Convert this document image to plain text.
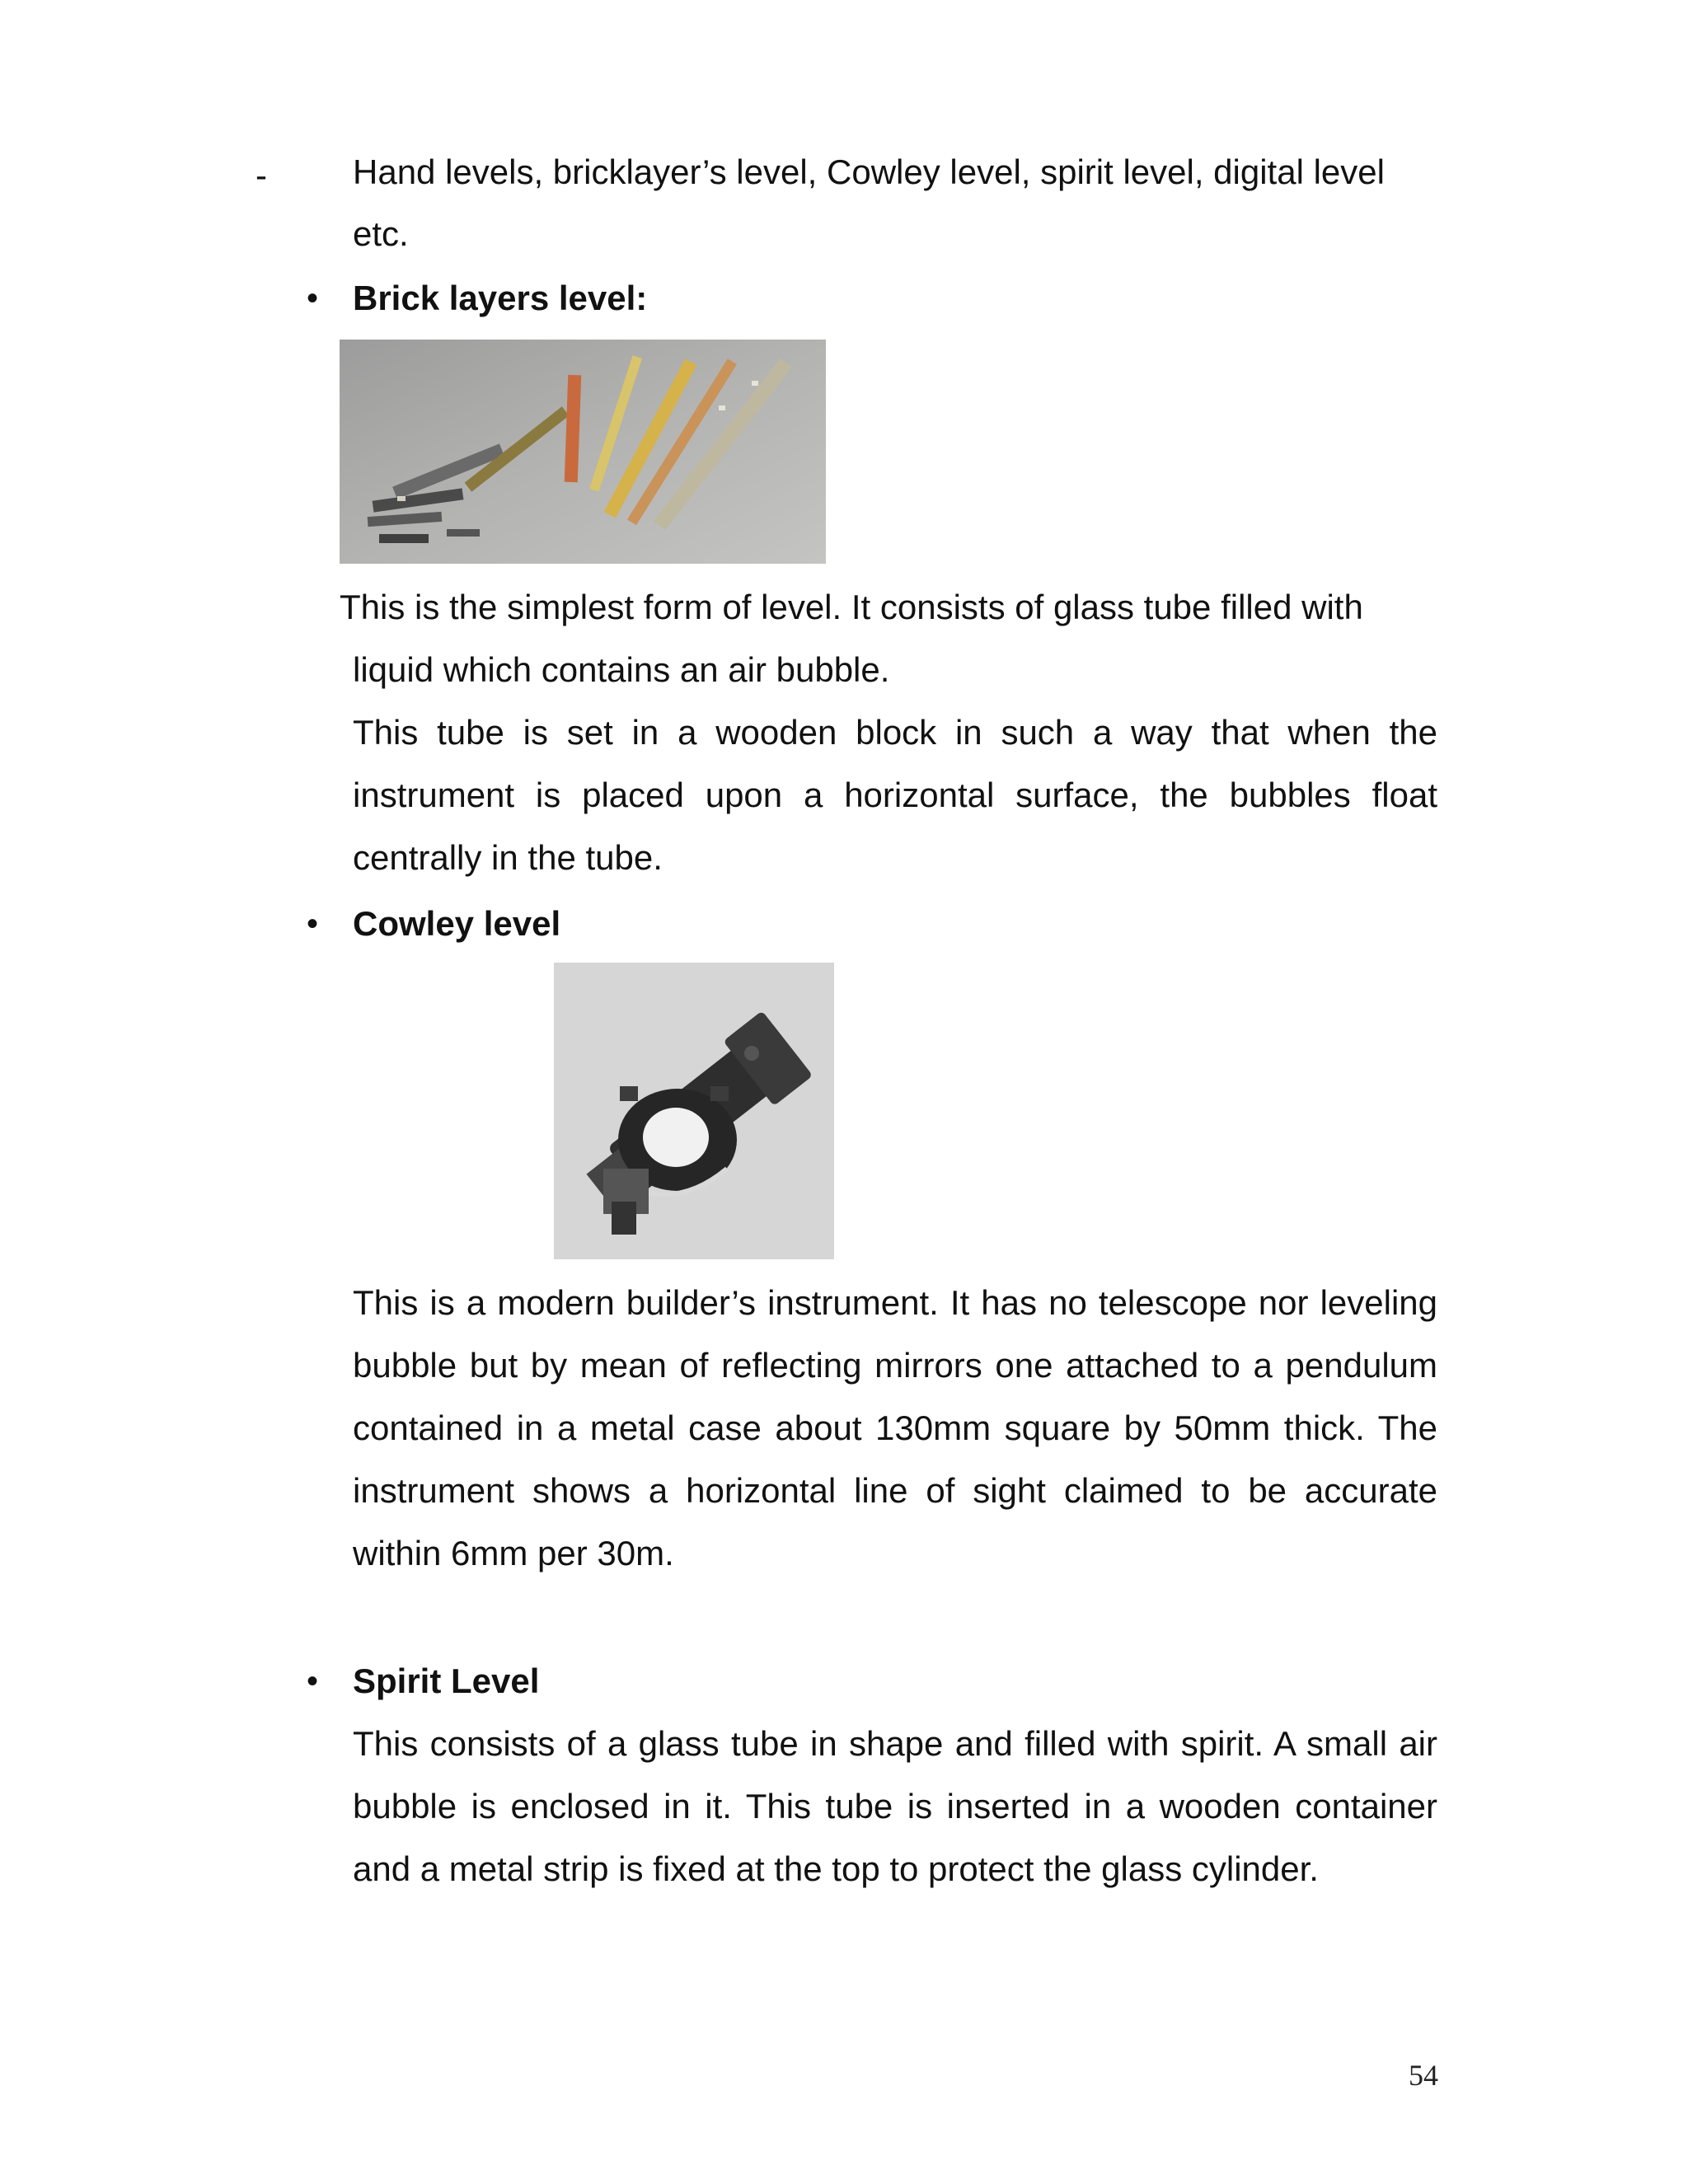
- Hand levels, bricklayer’s level, Cowley level, spirit level, digital level
etc.
• Brick layers level:
This is the simplest form of level. It consists of glass tube filled with
liquid which contains an air bubble.
This tube is set in a wooden block in such a way that when the instrument is placed upon a horizontal surface, the bubbles float centrally in the tube.
• Cowley level
This is a modern builder’s instrument. It has no telescope nor leveling bubble but by mean of reflecting mirrors one attached to a pendulum contained in a metal case about 130mm square by 50mm thick. The instrument shows a horizontal line of sight claimed to be accurate within 6mm per 30m.
• Spirit Level
This consists of a glass tube in shape and filled with spirit. A small air bubble is enclosed in it. This tube is inserted in a wooden container and a metal strip is fixed at the top to protect the glass cylinder.
54
